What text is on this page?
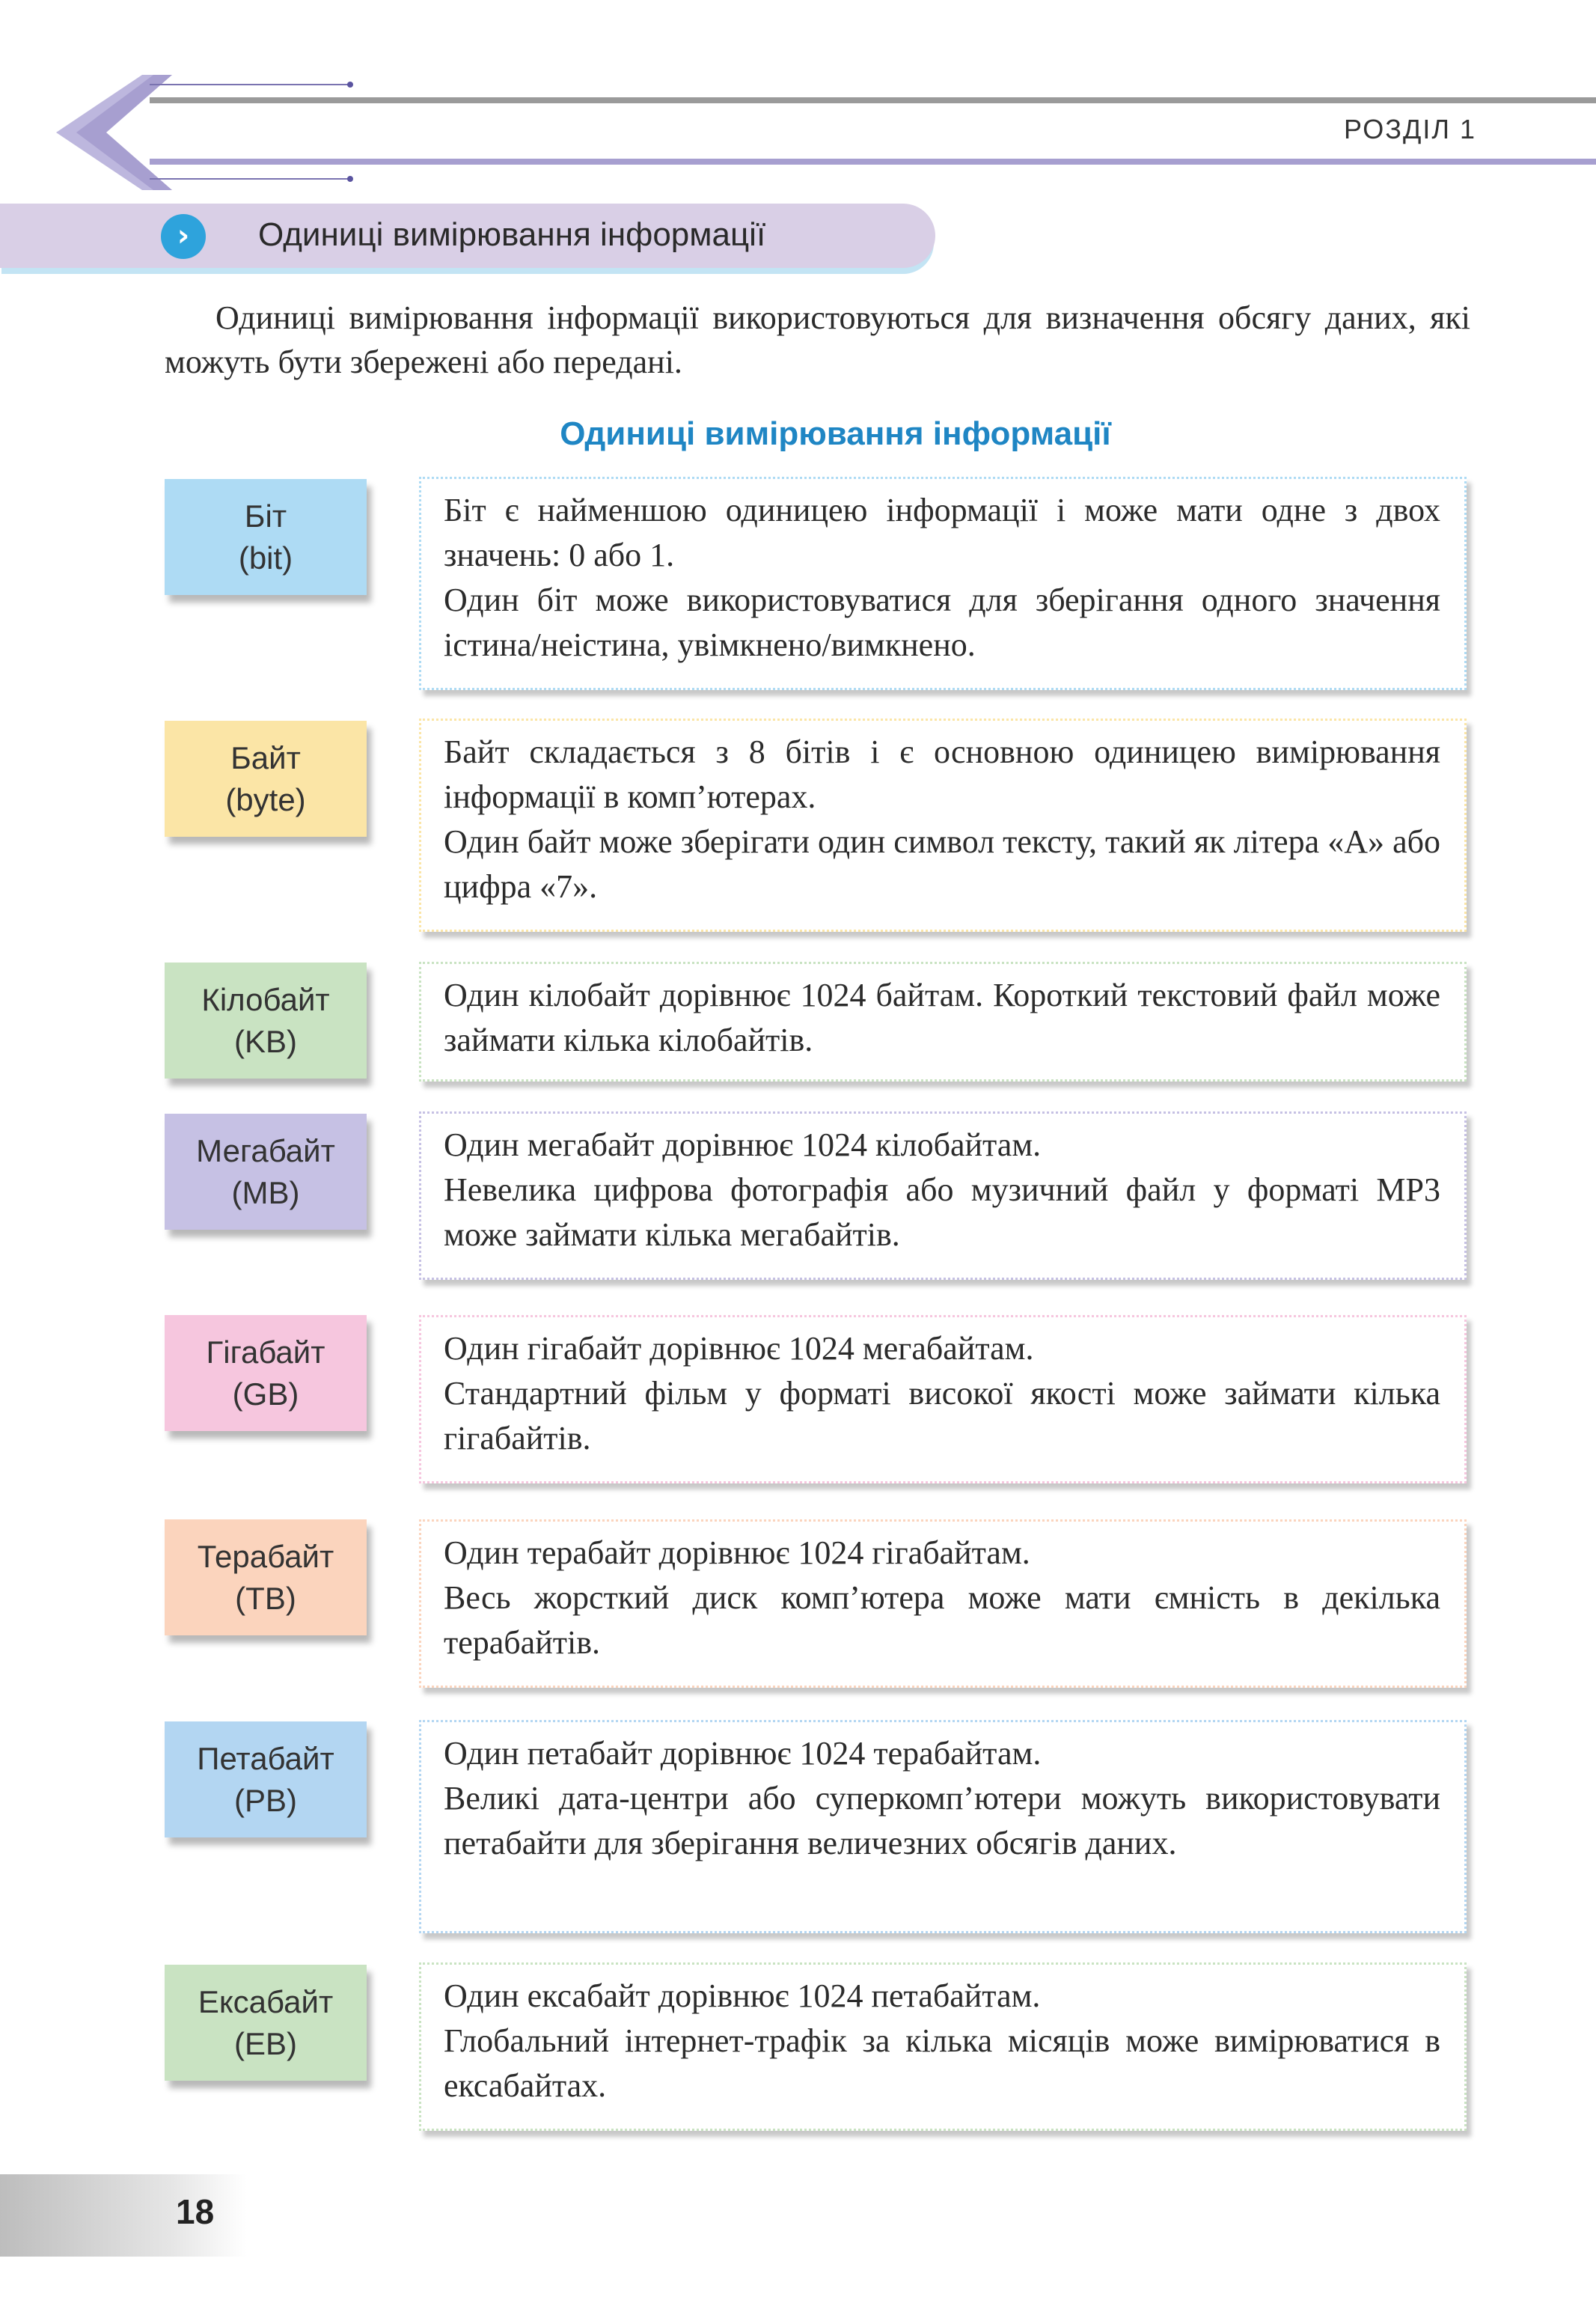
РОЗДІЛ 1
›	Одиниці вимірювання інформації

Одиниці вимірювання інформації використовуються для визначення обсягу даних, які можуть бути збережені або передані.

Одиниці вимірювання інформації
Біт
(bit)

Біт є найменшою одиницею інформації і може мати одне з двох значень: 0 або 1.

Один біт може використовуватися для зберігання одного значення істина/неістина, увімкнено/вимкнено.

Байт
(byte)

Байт складається з 8 бітів і є основною одиницею вимірювання інформації в комп’ютерах.

Один байт може зберігати один символ тексту, такий як літера «А» або цифра «7».

Кілобайт
(KB)

Один кілобайт дорівнює 1024 байтам. Короткий текстовий файл може займати кілька кілобайтів.

Мегабайт
(MB)

Один мегабайт дорівнює 1024 кілобайтам.

Невелика цифрова фотографія або музичний файл у форматі MP3 може займати кілька мегабайтів.

Гігабайт
(GB)

Один гігабайт дорівнює 1024 мегабайтам.

Стандартний фільм у форматі високої якості може займати кілька гігабайтів.

Терабайт
(TB)

Один терабайт дорівнює 1024 гігабайтам.

Весь жорсткий диск комп’ютера може мати ємність в декілька терабайтів.

Петабайт
(PB)

Один петабайт дорівнює 1024 терабайтам.

Великі дата-центри або суперкомп’ютери можуть використовувати петабайти для зберігання величезних обсягів даних.

Ексабайт
(EB)

Один ексабайт дорівнює 1024 петабайтам.

Глобальний інтернет-трафік за кілька місяців може вимірюватися в ексабайтах.

18
